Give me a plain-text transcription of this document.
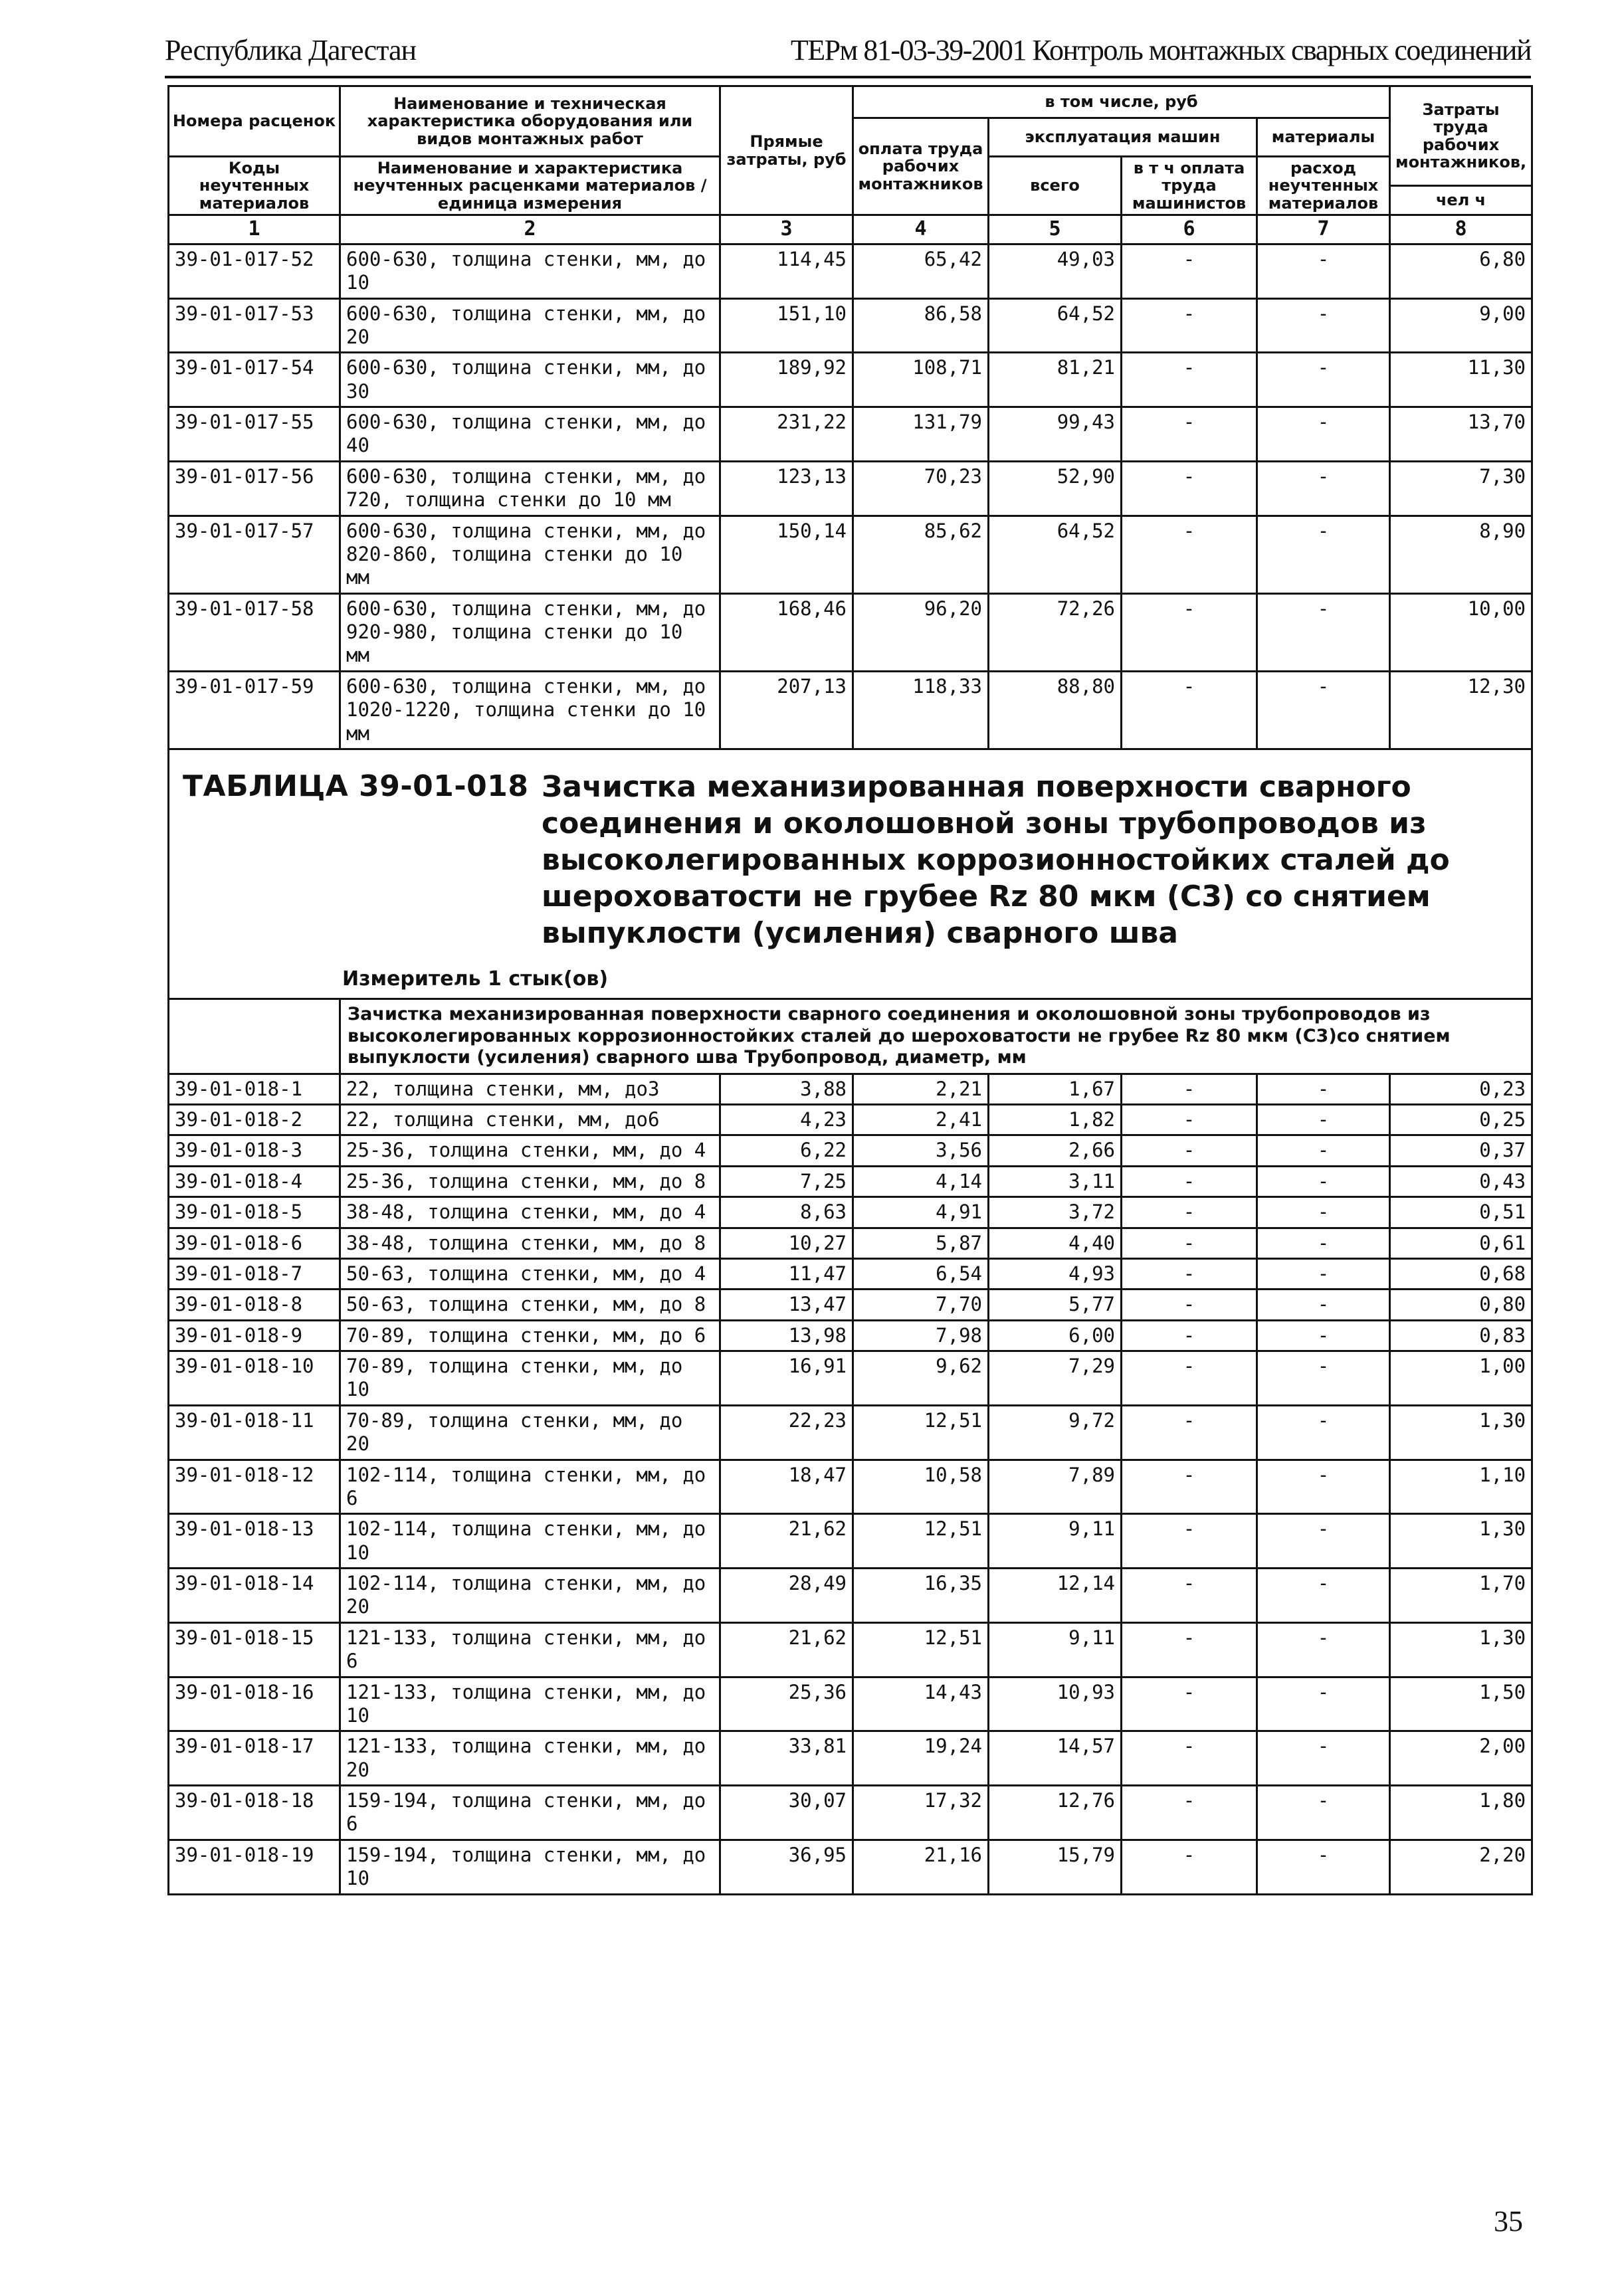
Республика Дагестан	ТЕРм 81-03-39-2001 Контроль монтажных сварных соединений
Номера расценок	Наименование и техническая характеристика оборудования или видов монтажных работ	Прямые затраты, руб	в том числе, руб				Затраты труда рабочих монтажников,
			оплата труда рабочих монтажников	эксплуатация машин		материалы	
Коды неучтенных материалов	Наименование и характеристика неучтенных расценками материалов / единица измерения			всего	в т ч оплата труда машинистов	расход неучтенных материалов	
							чел ч
1	2	3	4	5	6	7	8
39-01-017-52	600-630, толщина стенки, мм, до 10	114,45	65,42	49,03	-	-	6,80
39-01-017-53	600-630, толщина стенки, мм, до 20	151,10	86,58	64,52	-	-	9,00
39-01-017-54	600-630, толщина стенки, мм, до 30	189,92	108,71	81,21	-	-	11,30
39-01-017-55	600-630, толщина стенки, мм, до 40	231,22	131,79	99,43	-	-	13,70
39-01-017-56	600-630, толщина стенки, мм, до 720, толщина стенки до 10 мм	123,13	70,23	52,90	-	-	7,30
39-01-017-57	600-630, толщина стенки, мм, до 820-860, толщина стенки до 10 мм	150,14	85,62	64,52	-	-	8,90
39-01-017-58	600-630, толщина стенки, мм, до 920-980, толщина стенки до 10 мм	168,46	96,20	72,26	-	-	10,00
39-01-017-59	600-630, толщина стенки, мм, до 1020-1220, толщина стенки до 10 мм	207,13	118,33	88,80	-	-	12,30

ТАБЛИЦА 39-01-018 Зачистка механизированная поверхности сварного соединения и околошовной зоны трубопроводов из высоколегированных коррозионностойких сталей до шероховатости не грубее Rz 80 мкм (С3) со снятием выпуклости (усиления) сварного шва
Измеритель 1 стык(ов)							

	Зачистка механизированная поверхности сварного соединения и околошовной зоны трубопроводов из высоколегированных коррозионностойких сталей до шероховатости не грубее Rz 80 мкм (С3)со снятием выпуклости (усиления) сварного шва Трубопровод, диаметр, мм						
39-01-018-1	22, толщина стенки, мм, до3	3,88	2,21	1,67	-	-	0,23
39-01-018-2	22, толщина стенки, мм, до6	4,23	2,41	1,82	-	-	0,25
39-01-018-3	25-36, толщина стенки, мм, до 4	6,22	3,56	2,66	-	-	0,37
39-01-018-4	25-36, толщина стенки, мм, до 8	7,25	4,14	3,11	-	-	0,43
39-01-018-5	38-48, толщина стенки, мм, до 4	8,63	4,91	3,72	-	-	0,51
39-01-018-6	38-48, толщина стенки, мм, до 8	10,27	5,87	4,40	-	-	0,61
39-01-018-7	50-63, толщина стенки, мм, до 4	11,47	6,54	4,93	-	-	0,68
39-01-018-8	50-63, толщина стенки, мм, до 8	13,47	7,70	5,77	-	-	0,80
39-01-018-9	70-89, толщина стенки, мм, до 6	13,98	7,98	6,00	-	-	0,83
39-01-018-10	70-89, толщина стенки, мм, до 10	16,91	9,62	7,29	-	-	1,00
39-01-018-11	70-89, толщина стенки, мм, до 20	22,23	12,51	9,72	-	-	1,30
39-01-018-12	102-114, толщина стенки, мм, до 6	18,47	10,58	7,89	-	-	1,10
39-01-018-13	102-114, толщина стенки, мм, до 10	21,62	12,51	9,11	-	-	1,30
39-01-018-14	102-114, толщина стенки, мм, до 20	28,49	16,35	12,14	-	-	1,70
39-01-018-15	121-133, толщина стенки, мм, до 6	21,62	12,51	9,11	-	-	1,30
39-01-018-16	121-133, толщина стенки, мм, до 10	25,36	14,43	10,93	-	-	1,50
39-01-018-17	121-133, толщина стенки, мм, до 20	33,81	19,24	14,57	-	-	2,00
39-01-018-18	159-194, толщина стенки, мм, до 6	30,07	17,32	12,76	-	-	1,80
39-01-018-19	159-194, толщина стенки, мм, до 10	36,95	21,16	15,79	-	-	2,20
35
